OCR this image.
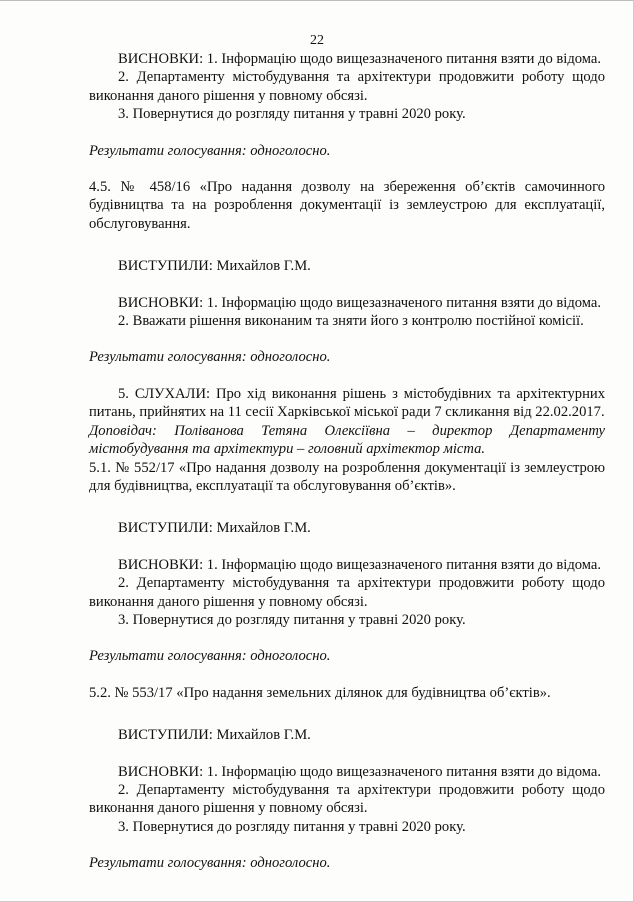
22

ВИСНОВКИ: 1. Інформацію щодо вищезазначеного питання взяти до відома.

2. Департаменту містобудування та архітектури продовжити роботу щодо виконання даного рішення у повному обсязі.

3. Повернутися до розгляду питання у травні 2020 року.

Результати голосування: одноголосно.

4.5. № 458/16 «Про надання дозволу на збереження об’єктів самочинного будівництва та на розроблення документації із землеустрою для експлуатації, обслуговування.

ВИСТУПИЛИ: Михайлов Г.М.

ВИСНОВКИ: 1. Інформацію щодо вищезазначеного питання взяти до відома.

2. Вважати рішення виконаним та зняти його з контролю постійної комісії.

Результати голосування: одноголосно.

5. СЛУХАЛИ: Про хід виконання рішень з містобудівних та архітектурних питань, прийнятих на 11 сесії Харківської міської ради 7 скликання від 22.02.2017.

Доповідач: Поліванова Тетяна Олексіївна – директор Департаменту містобудування та архітектури – головний архітектор міста.

5.1. № 552/17 «Про надання дозволу на розроблення документації із землеустрою для будівництва, експлуатації та обслуговування об’єктів».

ВИСТУПИЛИ: Михайлов Г.М.

ВИСНОВКИ: 1. Інформацію щодо вищезазначеного питання взяти до відома.

2. Департаменту містобудування та архітектури продовжити роботу щодо виконання даного рішення у повному обсязі.

3. Повернутися до розгляду питання у травні 2020 року.

Результати голосування: одноголосно.

5.2. № 553/17 «Про надання земельних ділянок для будівництва об’єктів».

ВИСТУПИЛИ: Михайлов Г.М.

ВИСНОВКИ: 1. Інформацію щодо вищезазначеного питання взяти до відома.

2. Департаменту містобудування та архітектури продовжити роботу щодо виконання даного рішення у повному обсязі.

3. Повернутися до розгляду питання у травні 2020 року.

Результати голосування: одноголосно.
